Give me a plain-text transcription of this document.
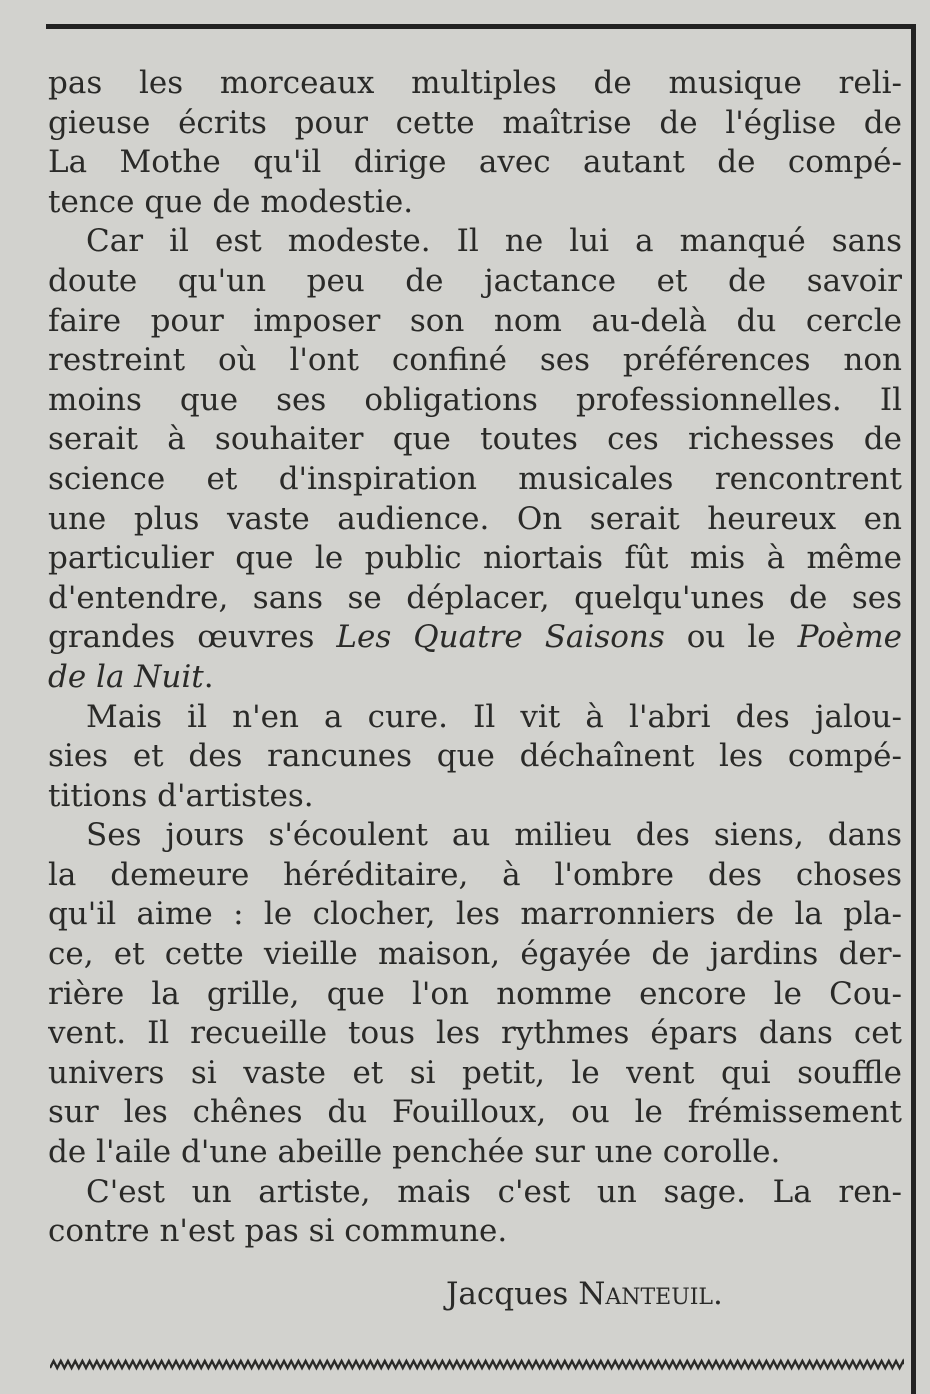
pas les morceaux multiples de musique reli-
gieuse écrits pour cette maîtrise de l'église de
La Mothe qu'il dirige avec autant de compé-
tence que de modestie.
Car il est modeste. Il ne lui a manqué sans
doute qu'un peu de jactance et de savoir
faire pour imposer son nom au-delà du cercle
restreint où l'ont confiné ses préférences non
moins que ses obligations professionnelles. Il
serait à souhaiter que toutes ces richesses de
science et d'inspiration musicales rencontrent
une plus vaste audience. On serait heureux en
particulier que le public niortais fût mis à même
d'entendre, sans se déplacer, quelqu'unes de ses
grandes œuvres Les Quatre Saisons ou le Poème
de la Nuit.
Mais il n'en a cure. Il vit à l'abri des jalou-
sies et des rancunes que déchaînent les compé-
titions d'artistes.
Ses jours s'écoulent au milieu des siens, dans
la demeure héréditaire, à l'ombre des choses
qu'il aime : le clocher, les marronniers de la pla-
ce, et cette vieille maison, égayée de jardins der-
rière la grille, que l'on nomme encore le Cou-
vent. Il recueille tous les rythmes épars dans cet
univers si vaste et si petit, le vent qui souffle
sur les chênes du Fouilloux, ou le frémissement
de l'aile d'une abeille penchée sur une corolle.
C'est un artiste, mais c'est un sage. La ren-
contre n'est pas si commune.
Jacques Nanteuil.
